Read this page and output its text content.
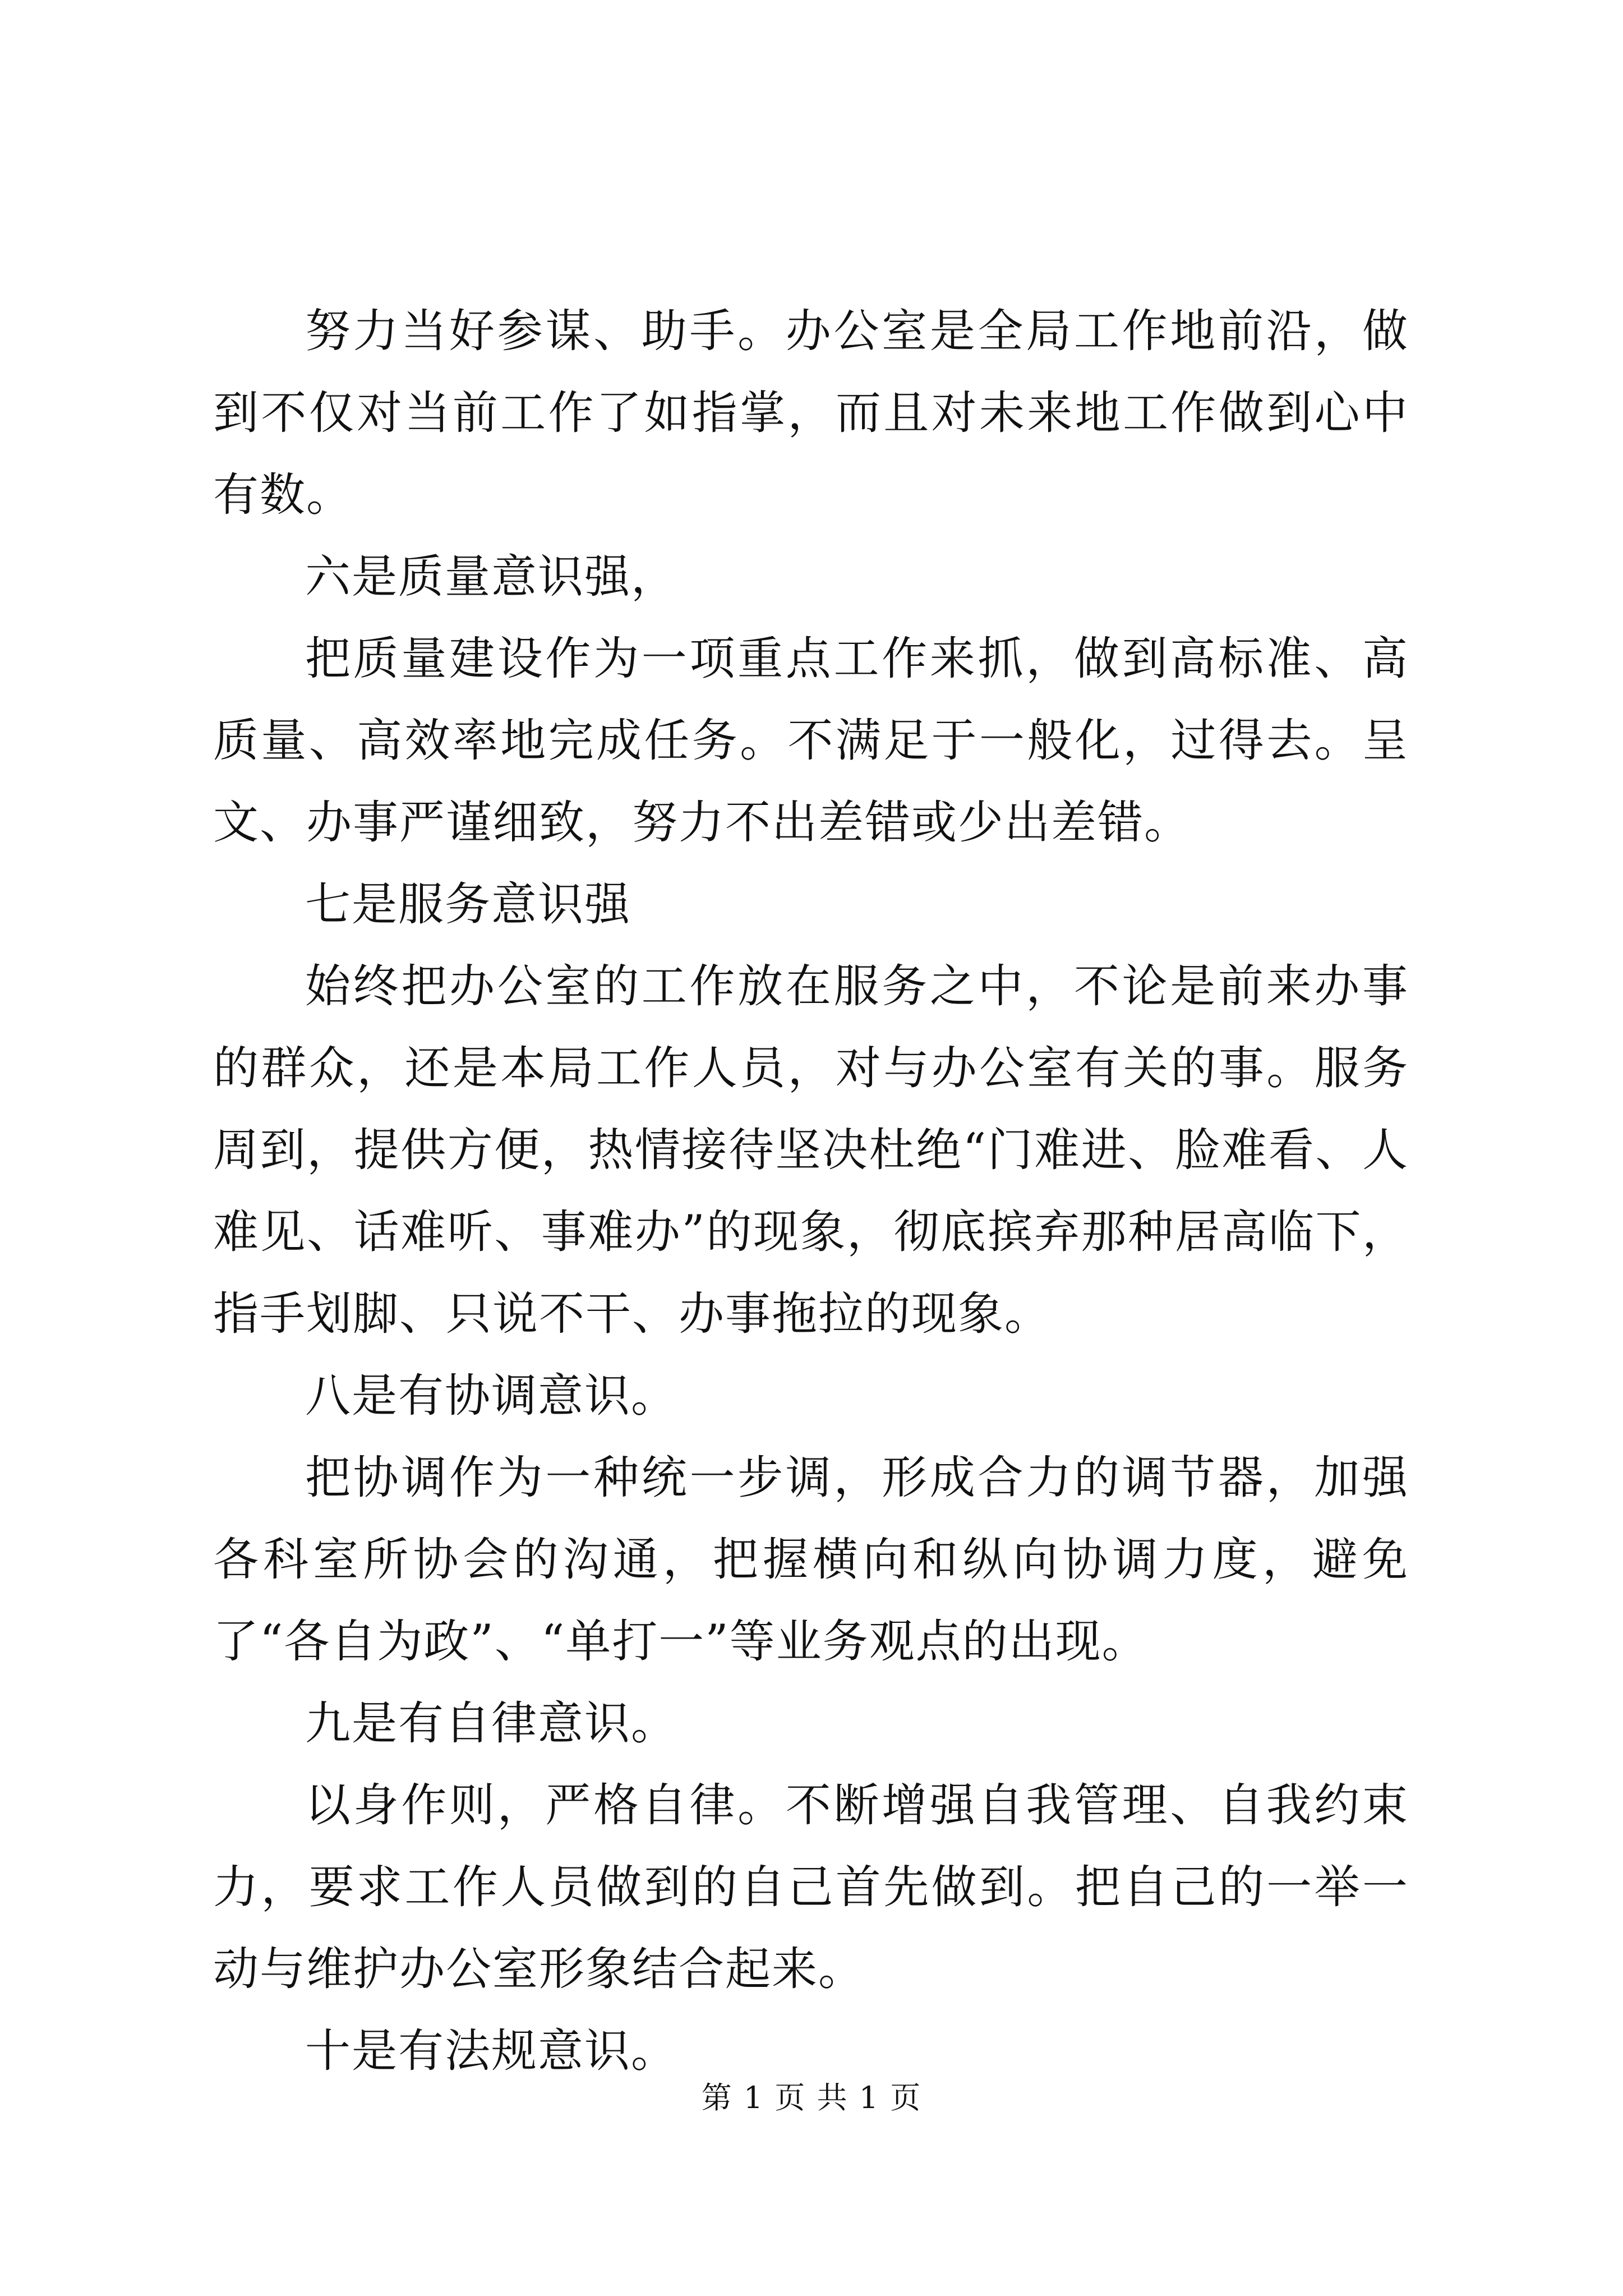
努力当好参谋、助手。办公室是全局工作地前沿，做到不仅对当前工作了如指掌，而且对未来地工作做到心中有数。

六是质量意识强，

把质量建设作为一项重点工作来抓，做到高标准、高质量、高效率地完成任务。不满足于一般化，过得去。呈文、办事严谨细致，努力不出差错或少出差错。

七是服务意识强

始终把办公室的工作放在服务之中，不论是前来办事的群众，还是本局工作人员，对与办公室有关的事。服务周到，提供方便，热情接待坚决杜绝“门难进、脸难看、人难见、话难听、事难办”的现象，彻底摈弃那种居高临下，指手划脚、只说不干、办事拖拉的现象。

八是有协调意识。

把协调作为一种统一步调，形成合力的调节器，加强各科室所协会的沟通，把握横向和纵向协调力度，避免了“各自为政”、“单打一”等业务观点的出现。

九是有自律意识。

以身作则，严格自律。不断增强自我管理、自我约束力，要求工作人员做到的自己首先做到。把自己的一举一动与维护办公室形象结合起来。

十是有法规意识。

第 1 页 共 1 页
